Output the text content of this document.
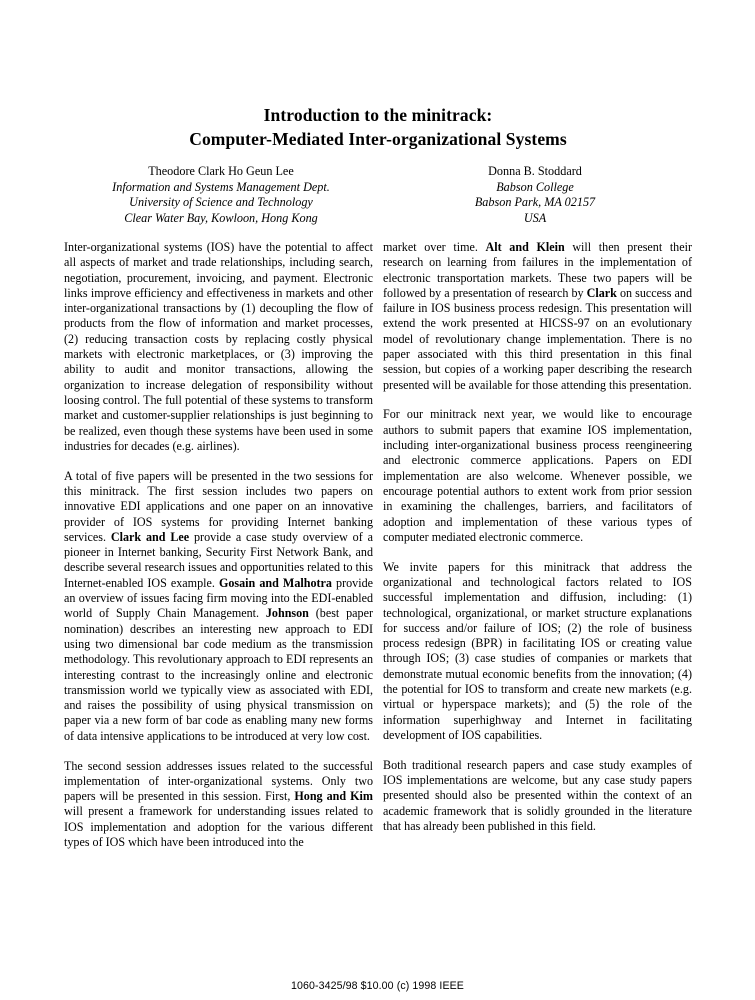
Introduction to the minitrack:
Computer-Mediated Inter-organizational Systems
Theodore Clark Ho Geun Lee
Information and Systems Management Dept.
University of Science and Technology
Clear Water Bay, Kowloon, Hong Kong
Donna B. Stoddard
Babson College
Babson Park, MA 02157
USA

Inter-organizational systems (IOS) have the potential to affect all aspects of market and trade relationships, including search, negotiation, procurement, invoicing, and payment. Electronic links improve efficiency and effectiveness in markets and other inter-organizational transactions by (1) decoupling the flow of products from the flow of information and market processes, (2) reducing transaction costs by replacing costly physical markets with electronic marketplaces, or (3) improving the ability to audit and monitor transactions, allowing the organization to increase delegation of responsibility without loosing control. The full potential of these systems to transform market and customer-supplier relationships is just beginning to be realized, even though these systems have been used in some industries for decades (e.g. airlines).

A total of five papers will be presented in the two sessions for this minitrack. The first session includes two papers on innovative EDI applications and one paper on an innovative provider of IOS systems for providing Internet banking services. Clark and Lee provide a case study overview of a pioneer in Internet banking, Security First Network Bank, and describe several research issues and opportunities related to this Internet-enabled IOS example. Gosain and Malhotra provide an overview of issues facing firm moving into the EDI-enabled world of Supply Chain Management. Johnson (best paper nomination) describes an interesting new approach to EDI using two dimensional bar code medium as the transmission methodology. This revolutionary approach to EDI represents an interesting contrast to the increasingly online and electronic transmission world we typically view as associated with EDI, and raises the possibility of using physical transmission on paper via a new form of bar code as enabling many new forms of data intensive applications to be introduced at very low cost.

The second session addresses issues related to the successful implementation of inter-organizational systems. Only two papers will be presented in this session. First, Hong and Kim will present a framework for understanding issues related to IOS implementation and adoption for the various different types of IOS which have been introduced into the

market over time. Alt and Klein will then present their research on learning from failures in the implementation of electronic transportation markets. These two papers will be followed by a presentation of research by Clark on success and failure in IOS business process redesign. This presentation will extend the work presented at HICSS-97 on an evolutionary model of revolutionary change implementation. There is no paper associated with this third presentation in this final session, but copies of a working paper describing the research presented will be available for those attending this presentation.

For our minitrack next year, we would like to encourage authors to submit papers that examine IOS implementation, including inter-organizational business process reengineering and electronic commerce applications. Papers on EDI implementation are also welcome. Whenever possible, we encourage potential authors to extent work from prior session in examining the challenges, barriers, and facilitators of adoption and implementation of these various types of computer mediated electronic commerce.

We invite papers for this minitrack that address the organizational and technological factors related to IOS successful implementation and diffusion, including: (1) technological, organizational, or market structure explanations for success and/or failure of IOS; (2) the role of business process redesign (BPR) in facilitating IOS or creating value through IOS; (3) case studies of companies or markets that demonstrate mutual economic benefits from the innovation; (4) the potential for IOS to transform and create new markets (e.g. virtual or hyperspace markets); and (5) the role of the information superhighway and Internet in facilitating development of IOS capabilities.

Both traditional research papers and case study examples of IOS implementations are welcome, but any case study papers presented should also be presented within the context of an academic framework that is solidly grounded in the literature that has already been published in this field.

1060-3425/98 $10.00 (c) 1998 IEEE
